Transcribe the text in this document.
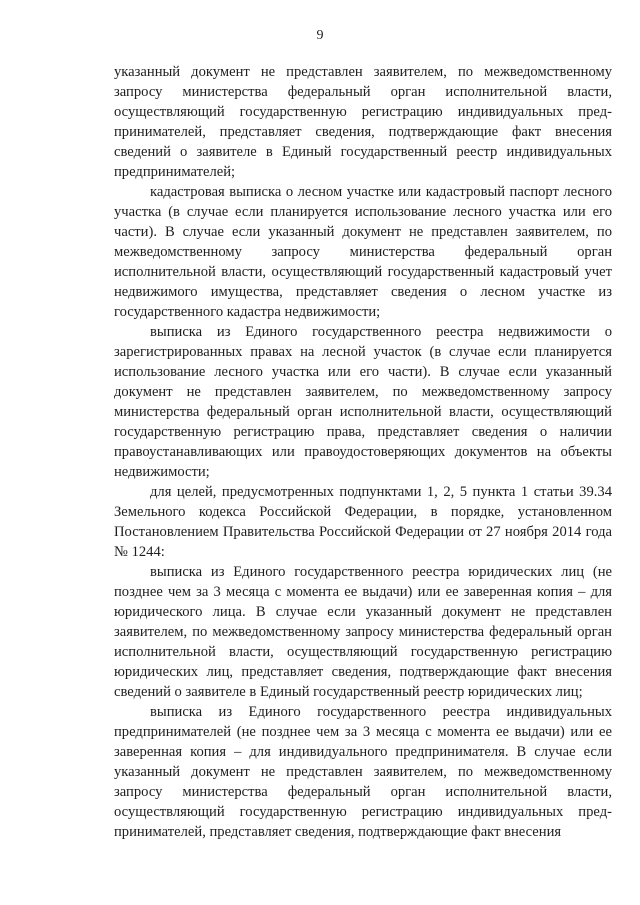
9

указанный документ не представлен заявителем, по межведомственному запросу министерства федеральный орган исполнительной власти, осуществляющий государственную регистрацию индивидуальных предпринимателей, представляет сведения, подтверждающие факт внесения сведений о заявителе в Единый государственный реестр индивидуальных предпринимателей;

кадастровая выписка о лесном участке или кадастровый паспорт лесного участка (в случае если планируется использование лесного участка или его части). В случае если указанный документ не представлен заявителем, по межведомственному запросу министерства федеральный орган исполнительной власти, осуществляющий государственный кадастровый учет недвижимого имущества, представляет сведения о лесном участке из государственного кадастра недвижимости;

выписка из Единого государственного реестра недвижимости о зарегистрированных правах на лесной участок (в случае если планируется использование лесного участка или его части). В случае если указанный документ не представлен заявителем, по межведомственному запросу министерства федеральный орган исполнительной власти, осуществляющий государственную регистрацию права, представляет сведения о наличии правоустанавливающих или правоудостоверяющих документов на объекты недвижимости;

для целей, предусмотренных подпунктами 1, 2, 5 пункта 1 статьи 39.34 Земельного кодекса Российской Федерации, в порядке, установленном Постановлением Правительства Российской Федерации от 27 ноября 2014 года № 1244:

выписка из Единого государственного реестра юридических лиц (не позднее чем за 3 месяца с момента ее выдачи) или ее заверенная копия – для юридического лица. В случае если указанный документ не представлен заявителем, по межведомственному запросу министерства федеральный орган исполнительной власти, осуществляющий государственную регистрацию юридических лиц, представляет сведения, подтверждающие факт внесения сведений о заявителе в Единый государственный реестр юридических лиц;

выписка из Единого государственного реестра индивидуальных предпринимателей (не позднее чем за 3 месяца с момента ее выдачи) или ее заверенная копия – для индивидуального предпринимателя. В случае если указанный документ не представлен заявителем, по межведомственному запросу министерства федеральный орган исполнительной власти, осуществляющий государственную регистрацию индивидуальных предпринимателей, представляет сведения, подтверждающие факт внесения
